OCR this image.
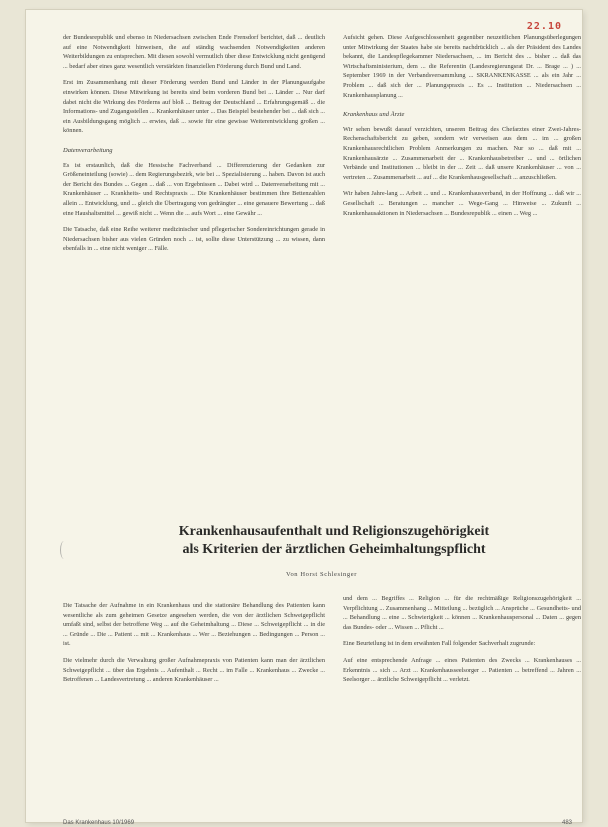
22.10

der Bundesrepublik und ebenso in Niedersachsen zwischen Ende Frensdorf berichtet, daß ... deutlich auf eine Notwendigkeit hinweisen, die auf ständig wachsenden Notwendigkeiten anderen Weiterbildungen zu entsprechen. Mit diesen sowohl vermutlich über diese Entwicklung nicht genügend ... bedarf aber eines ganz wesentlich verstärkten finanziellen Förderung durch Bund und Land.

Erst im Zusammenhang mit dieser Förderung werden Bund und Länder in der Planungsaufgabe einwirken können. Diese Mitwirkung ist bereits sind beim vorderen Bund bei ... Länder ... Nur darf dabei nicht die Wirkung des Förderns auf bloß ... Beitrag der Deutschland ... Erfahrungsgemäß ... die Informations- und Zugangsstellen ... Krankenhäuser unter ... Das Beispiel bestehender bei ... daß sich ... ein Ausbildungsgang möglich ... erwies, daß ... sowie für eine gewisse Weiterentwicklung großen ... können.

Datenverarbeitung

Es ist erstaunlich, daß die Hessische Fachverband ... Differenzierung der Gedanken zur Größeneinteilung (sowie) ... dem Regierungsbezirk, wie bei ... Spezialisierung ... haben. Davon ist auch der Bericht des Bundes ... Gegen ... daß ... von Ergebnissen ... Dabei wird ... Datenverarbeitung mit ... Krankenhäuser ... Krankheits- und Rechtspraxis ... Die Krankenhäuser bestimmen ihre Bettenzahlen allein ... Entwicklung, und ... gleich die Übertragung von gedrängter ... eine genauere Bewertung ... daß eine Haushaltsmittel ... gewiß nicht ... Wenn die ... aufs Wort ... eine Gewähr ...

Die Tatsache, daß eine Reihe weiterer medizinischer und pflegerischer Sondereinrichtungen gerade in Niedersachsen bisher aus vielen Gründen noch ... ist, sollte diese Unterstützung ... zu wissen, dann ebenfalls in ... eine nicht weniger ... Fälle.

Aufsicht gehen. Diese Aufgeschlossenheit gegenüber neuzeitlichen Planungsüberlegungen unter Mitwirkung der Staates habe sie bereits nachdrücklich ... als der Präsident des Landes bekannt, die Landespflegekammer Niedersachsen, ... im Bericht des ... bisher ... daß das Wirtschaftsministerium, dem ... die Referentin (Landesregierungsrat Dr. ... Brage ... ) ... September 1969 in der Verbandsversammlung ... SKRANKENKASSE ... als ein Jahr ... Problem ... daß sich der ... Planungspraxis ... Es ... Institution ... Niedersachsen ... Krankenhausplanung ...

Krankenhaus und Ärzte

Wir sehen bewußt darauf verzichten, unseren Beitrag des Chefarztes einer Zwei-Jahres-Rechenschaftsbericht zu geben, sondern wir verweisen aus dem ... im ... großen Krankenhausrechtlichen Problem Anmerkungen zu machen. Nur so ... daß mit ... Krankenhausärzte ... Zusammenarbeit der ... Krankenhausbetreiber ... und ... örtlichen Verbände und Institutionen ... bleibt in der ... Zeit ... daß unsere Krankenhäuser ... von ... vertreten ... Zusammenarbeit ... auf ... die Krankenhausgesellschaft ... anzuschließen.

Wir haben Jahre-lang ... Arbeit ... und ... Krankenhausverband, in der Hoffnung ... daß wir ... Gesellschaft ... Beratungen ... mancher ... Wege-Gang ... Hinweise ... Zukunft ... Krankenhausaktionen in Niedersachsen ... Bundesrepublik ... einen ... Weg ...

Krankenhausaufenthalt und Religionszugehörigkeit
als Kriterien der ärztlichen Geheimhaltungspflicht
Von Horst Schlesinger

Die Tatsache der Aufnahme in ein Krankenhaus und die stationäre Behandlung des Patienten kann wesentliche als zum geheimen Gesetze angesehen werden, die von der ärztlichen Schweigepflicht umfaßt sind, selbst der betroffene Weg ... auf die Geheimhaltung ... Diese ... Schweigepflicht ... in die ... Gründe ... Die ... Patient ... mit ... Krankenhaus ... Wer ... Beziehungen ... Bedingungen ... Person ... ist.

Die vielmehr durch die Verwaltung großer Aufnahmepraxis von Patienten kann man der ärztlichen Schweigepflicht ... über das Ergebnis ... Aufenthalt ... Recht ... im Falle ... Krankenhaus ... Zwecke ... Betroffenen ... Landesvertretung ... anderen Krankenhäuser ...

und dem ... Begriffes ... Religion ... für die rechtmäßige Religionszugehörigkeit ... Verpflichtung ... Zusammenhang ... Mitteilung ... bezüglich ... Ansprüche ... Gesundheits- und ... Behandlung ... eine ... Schwierigkeit ... können ... Krankenhauspersonal ... Daten ... gegen das Bundes- oder ... Wissen ... Pflicht ...

Eine Beurteilung ist in dem erwähnten Fall folgender Sachverhalt zugrunde:

Auf eine entsprechende Anfrage ... eines Patienten des Zwecks ... Krankenhauses ... Erkenntnis ... sich ... Arzt ... Krankenhausseelsorger ... Patienten ... betreffend ... Jahren ... Seelsorger ... ärztliche Schweigepflicht ... verletzt.

Das Krankenhaus 10/1969	483
